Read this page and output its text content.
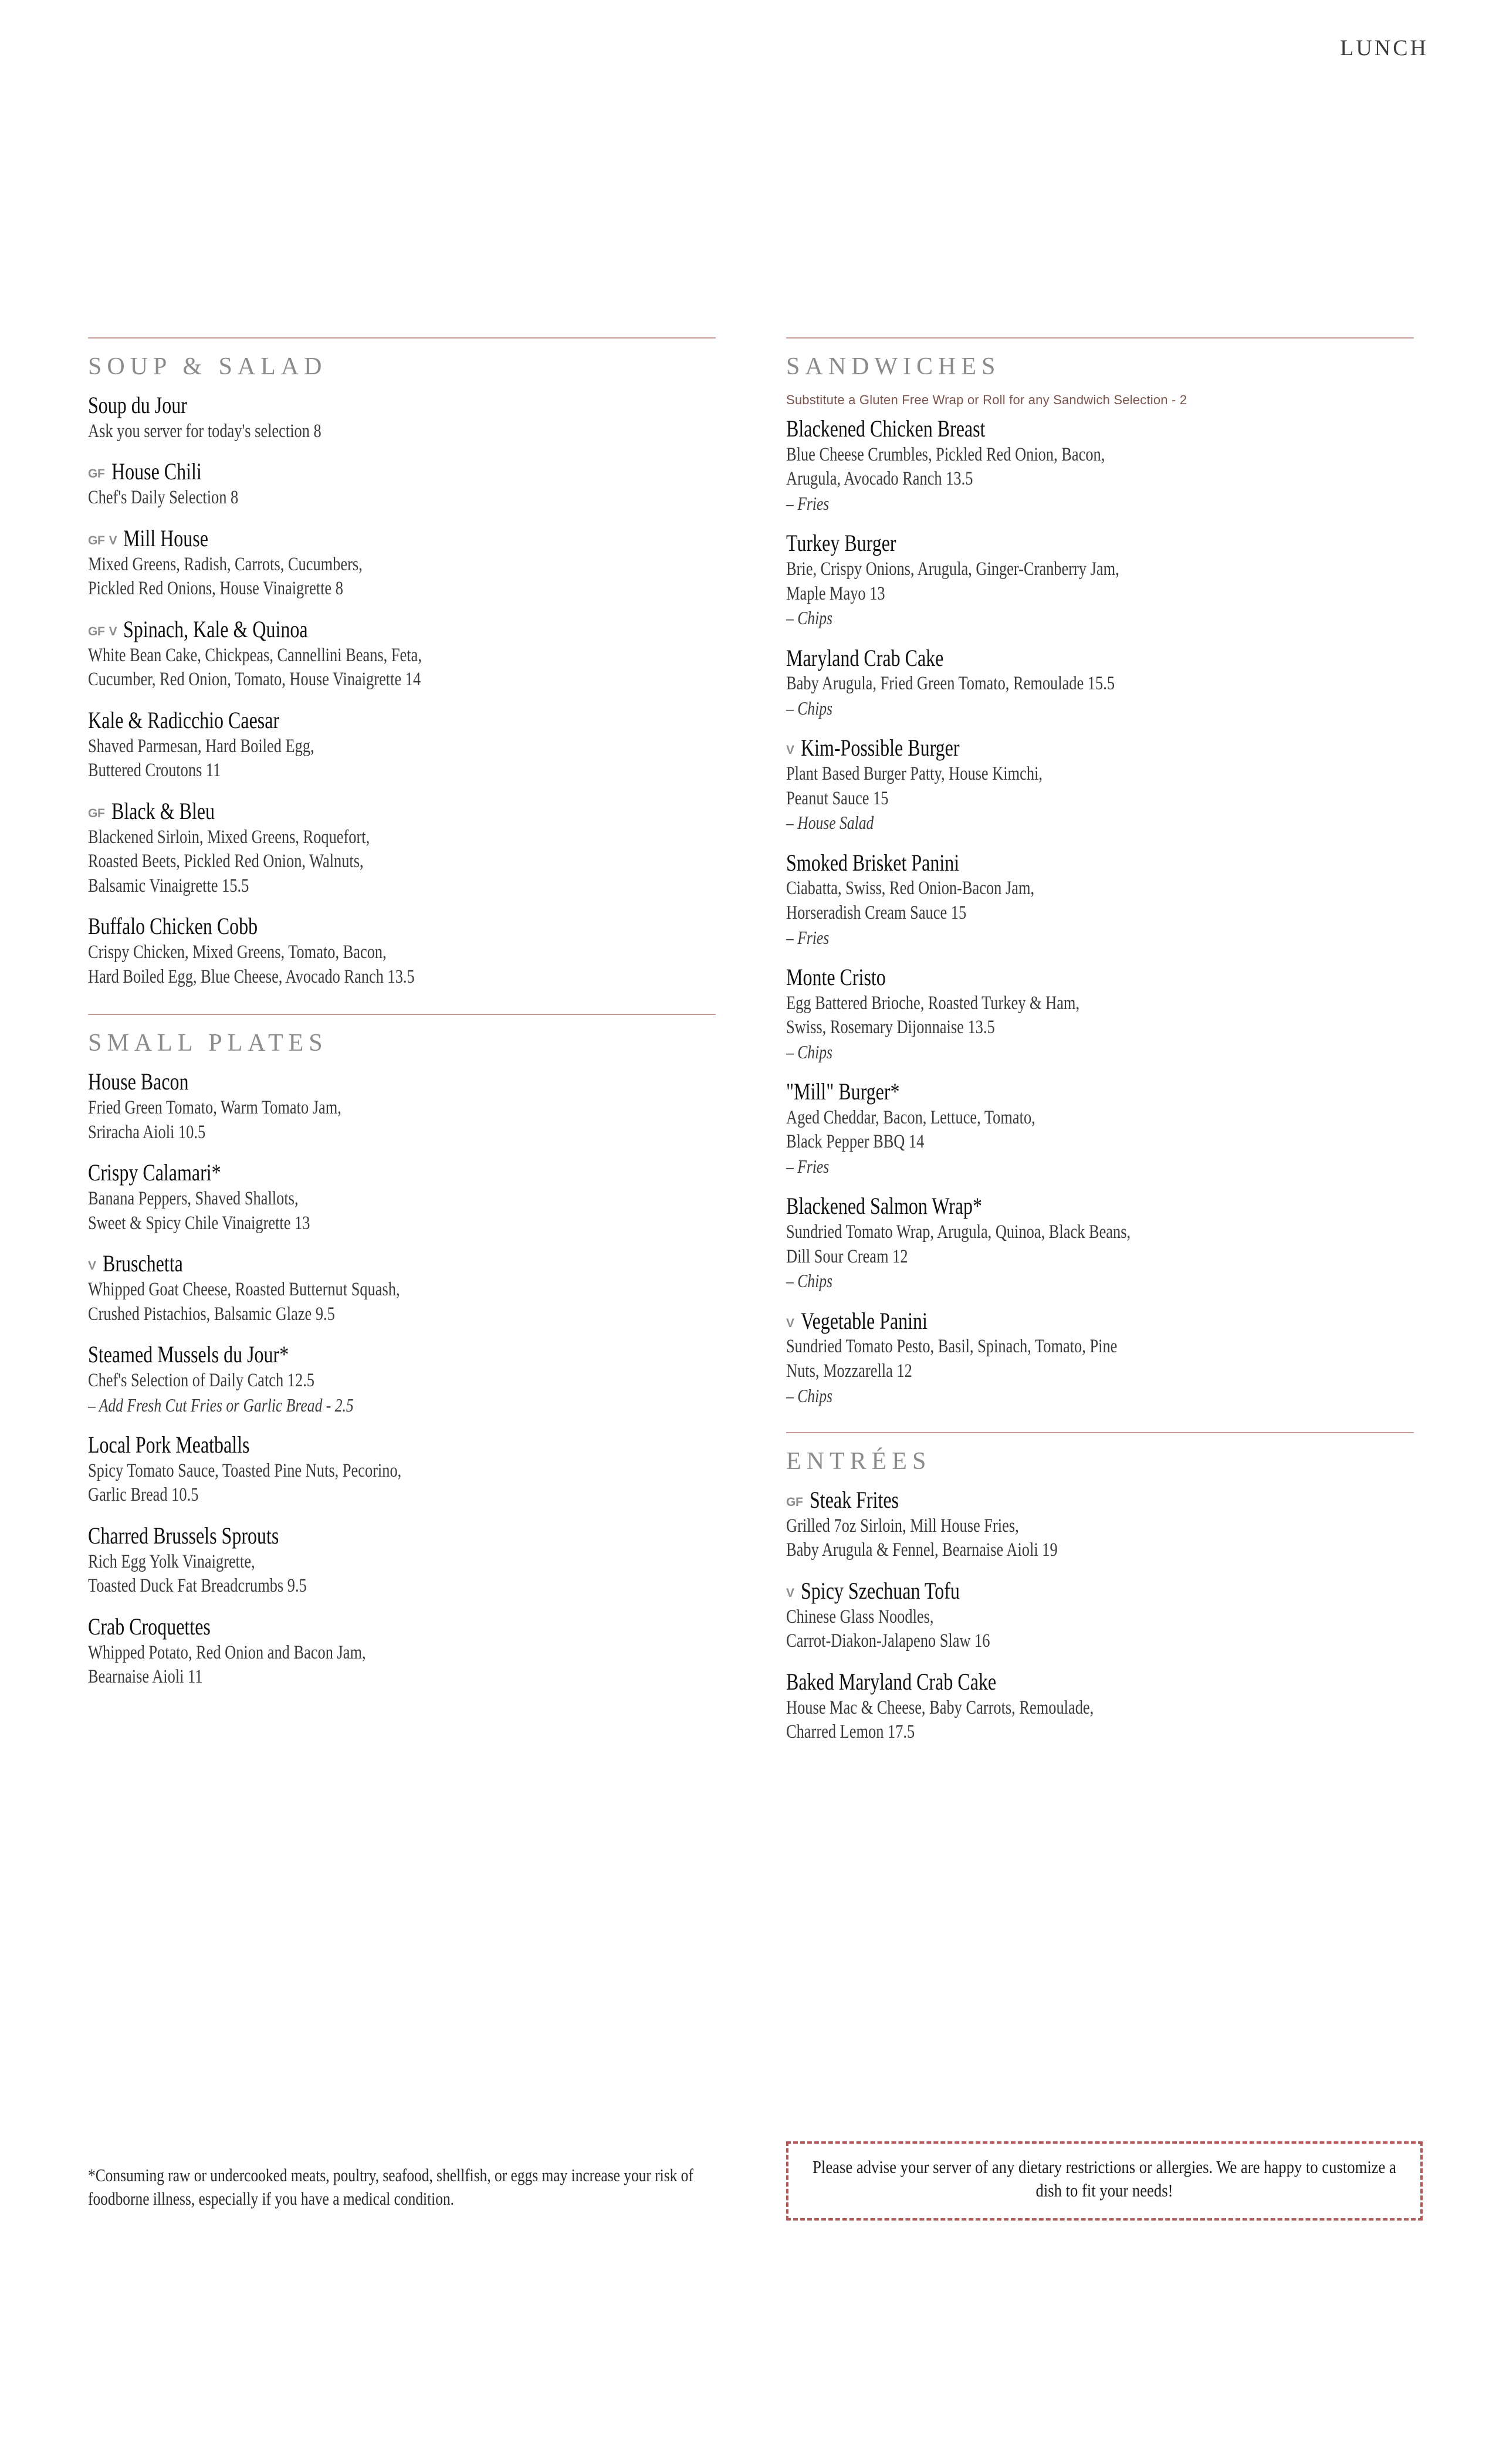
LUNCH
SOUP & SALAD
Soup du Jour
Ask you server for today's selection 8
GF House Chili
Chef's Daily Selection 8
GF V Mill House
Mixed Greens, Radish, Carrots, Cucumbers,
Pickled Red Onions, House Vinaigrette 8
GF V Spinach, Kale & Quinoa
White Bean Cake, Chickpeas, Cannellini Beans, Feta,
Cucumber, Red Onion, Tomato, House Vinaigrette 14
Kale & Radicchio Caesar
Shaved Parmesan, Hard Boiled Egg,
Buttered Croutons 11
GF Black & Bleu
Blackened Sirloin, Mixed Greens, Roquefort,
Roasted Beets, Pickled Red Onion, Walnuts,
Balsamic Vinaigrette 15.5
Buffalo Chicken Cobb
Crispy Chicken, Mixed Greens, Tomato, Bacon,
Hard Boiled Egg, Blue Cheese, Avocado Ranch 13.5
SMALL PLATES
House Bacon
Fried Green Tomato, Warm Tomato Jam,
Sriracha Aioli 10.5
Crispy Calamari*
Banana Peppers, Shaved Shallots,
Sweet & Spicy Chile Vinaigrette 13
V Bruschetta
Whipped Goat Cheese, Roasted Butternut Squash,
Crushed Pistachios, Balsamic Glaze 9.5
Steamed Mussels du Jour*
Chef's Selection of Daily Catch 12.5
– Add Fresh Cut Fries or Garlic Bread - 2.5
Local Pork Meatballs
Spicy Tomato Sauce, Toasted Pine Nuts, Pecorino,
Garlic Bread 10.5
Charred Brussels Sprouts
Rich Egg Yolk Vinaigrette,
Toasted Duck Fat Breadcrumbs 9.5
Crab Croquettes
Whipped Potato, Red Onion and Bacon Jam,
Bearnaise Aioli 11
SANDWICHES
Substitute a Gluten Free Wrap or Roll for any Sandwich Selection - 2
Blackened Chicken Breast
Blue Cheese Crumbles, Pickled Red Onion, Bacon,
Arugula, Avocado Ranch 13.5
– Fries
Turkey Burger
Brie, Crispy Onions, Arugula, Ginger-Cranberry Jam,
Maple Mayo 13
– Chips
Maryland Crab Cake
Baby Arugula, Fried Green Tomato, Remoulade 15.5
– Chips
V Kim-Possible Burger
Plant Based Burger Patty, House Kimchi,
Peanut Sauce 15
– House Salad
Smoked Brisket Panini
Ciabatta, Swiss, Red Onion-Bacon Jam,
Horseradish Cream Sauce 15
– Fries
Monte Cristo
Egg Battered Brioche, Roasted Turkey & Ham,
Swiss, Rosemary Dijonnaise 13.5
– Chips
"Mill" Burger*
Aged Cheddar, Bacon, Lettuce, Tomato,
Black Pepper BBQ 14
– Fries
Blackened Salmon Wrap*
Sundried Tomato Wrap, Arugula, Quinoa, Black Beans,
Dill Sour Cream 12
– Chips
V Vegetable Panini
Sundried Tomato Pesto, Basil, Spinach, Tomato, Pine
Nuts, Mozzarella 12
– Chips
ENTRÉES
GF Steak Frites
Grilled 7oz Sirloin, Mill House Fries,
Baby Arugula & Fennel, Bearnaise Aioli 19
V Spicy Szechuan Tofu
Chinese Glass Noodles,
Carrot-Diakon-Jalapeno Slaw 16
Baked Maryland Crab Cake
House Mac & Cheese, Baby Carrots, Remoulade,
Charred Lemon 17.5
*Consuming raw or undercooked meats, poultry, seafood, shellfish, or eggs may increase your risk of foodborne illness, especially if you have a medical condition.
Please advise your server of any dietary restrictions or allergies. We are happy to customize a dish to fit your needs!
